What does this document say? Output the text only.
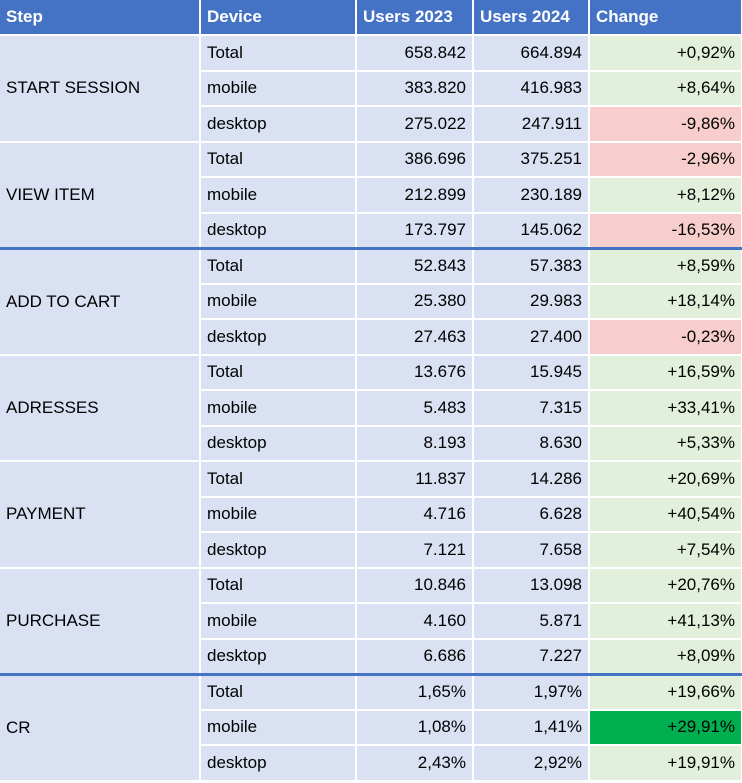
Step	Device	Users 2023	Users 2024	Change
START SESSION	Total	658.842	664.894	+0,92%
	mobile	383.820	416.983	+8,64%
	desktop	275.022	247.911	-9,86%
VIEW ITEM	Total	386.696	375.251	-2,96%
	mobile	212.899	230.189	+8,12%
	desktop	173.797	145.062	-16,53%
ADD TO CART	Total	52.843	57.383	+8,59%
	mobile	25.380	29.983	+18,14%
	desktop	27.463	27.400	-0,23%
ADRESSES	Total	13.676	15.945	+16,59%
	mobile	5.483	7.315	+33,41%
	desktop	8.193	8.630	+5,33%
PAYMENT	Total	11.837	14.286	+20,69%
	mobile	4.716	6.628	+40,54%
	desktop	7.121	7.658	+7,54%
PURCHASE	Total	10.846	13.098	+20,76%
	mobile	4.160	5.871	+41,13%
	desktop	6.686	7.227	+8,09%
CR	Total	1,65%	1,97%	+19,66%
	mobile	1,08%	1,41%	+29,91%
	desktop	2,43%	2,92%	+19,91%
